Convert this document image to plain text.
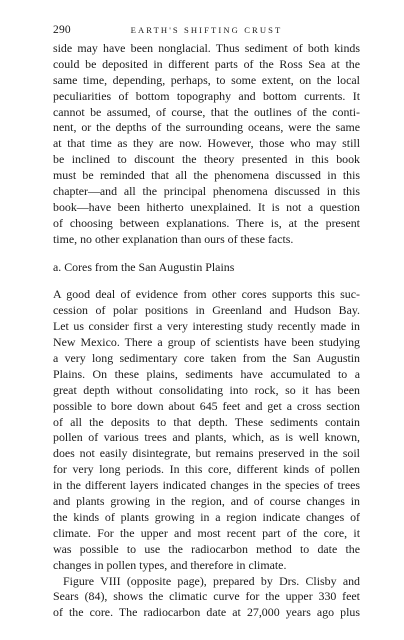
290	EARTH'S SHIFTING CRUST
side may have been nonglacial. Thus sediment of both kinds
could be deposited in different parts of the Ross Sea at the
same time, depending, perhaps, to some extent, on the local
peculiarities of bottom topography and bottom currents. It
cannot be assumed, of course, that the outlines of the conti-
nent, or the depths of the surrounding oceans, were the same
at that time as they are now. However, those who may still
be inclined to discount the theory presented in this book
must be reminded that all the phenomena discussed in this
chapter—and all the principal phenomena discussed in this
book—have been hitherto unexplained. It is not a question
of choosing between explanations. There is, at the present
time, no other explanation than ours of these facts.
a. Cores from the San Augustin Plains
A good deal of evidence from other cores supports this suc-
cession of polar positions in Greenland and Hudson Bay.
Let us consider first a very interesting study recently made in
New Mexico. There a group of scientists have been studying
a very long sedimentary core taken from the San Augustin
Plains. On these plains, sediments have accumulated to a
great depth without consolidating into rock, so it has been
possible to bore down about 645 feet and get a cross section
of all the deposits to that depth. These sediments contain
pollen of various trees and plants, which, as is well known,
does not easily disintegrate, but remains preserved in the soil
for very long periods. In this core, different kinds of pollen
in the different layers indicated changes in the species of trees
and plants growing in the region, and of course changes in
the kinds of plants growing in a region indicate changes of
climate. For the upper and most recent part of the core, it
was possible to use the radiocarbon method to date the
changes in pollen types, and therefore in climate.
Figure VIII (opposite page), prepared by Drs. Clisby and
Sears (84), shows the climatic curve for the upper 330 feet
of the core. The radiocarbon date at 27,000 years ago plus
